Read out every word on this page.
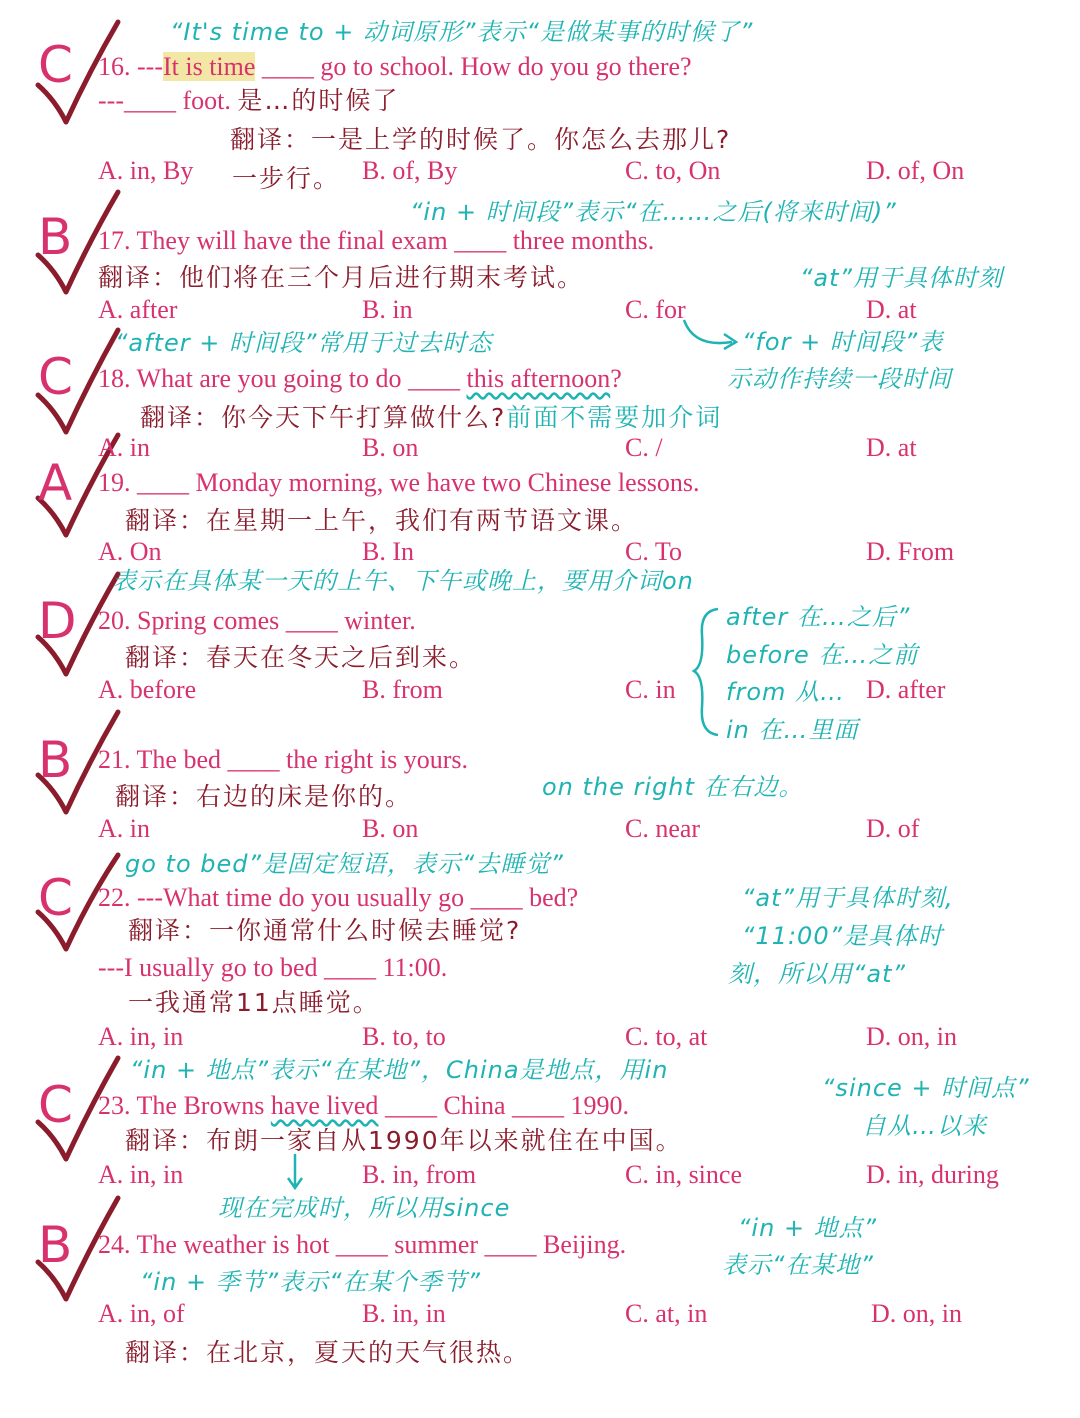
C
B
C
A
D
B
C
C
B
“It's time to + 动词原形”表示“是做某事的时候了”
16. ---It is time ____ go to school. How do you go there?
---____ foot. 是…的时候了
翻译：一是上学的时候了。你怎么去那儿?
A. in, By 一步行。 B. of, By	C. to, On	D. of, On
“in + 时间段”表示“在……之后(将来时间)”
17. They will have the final exam ____ three months.
翻译：他们将在三个月后进行期末考试。	“at”用于具体时刻
A. after	B. in	C. for	D. at
“after + 时间段”常用于过去时态	“for + 时间段”表
18. What are you going to do ____ this afternoon?	示动作持续一段时间
翻译：你今天下午打算做什么?前面不需要加介词
A. in	B. on	C. /	D. at
19. ____ Monday morning, we have two Chinese lessons.
翻译：在星期一上午，我们有两节语文课。
A. On	B. In	C. To	D. From
表示在具体某一天的上午、下午或晚上，要用介词on
20. Spring comes ____ winter.
翻译：春天在冬天之后到来。
A. before	B. from	C. in	D. after
after 在…之后”
before 在…之前
from 从…
in 在…里面
21. The bed ____ the right is yours.
翻译：右边的床是你的。	on the right 在右边。
A. in	B. on	C. near	D. of
go to bed”是固定短语，表示“去睡觉”
22. ---What time do you usually go ____ bed?	“at”用于具体时刻,
翻译：一你通常什么时候去睡觉?	“11:00”是具体时
---I usually go to bed ____ 11:00.	刻，所以用“at”
一我通常11点睡觉。
A. in, in	B. to, to	C. to, at	D. on, in
“in + 地点”表示“在某地”，China是地点，用in
“since + 时间点”
23. The Browns have lived ____ China ____ 1990.
自从…以来
翻译：布朗一家自从1990年以来就住在中国。
A. in, in	B. in, from	C. in, since	D. in, during
现在完成时，所以用since
“in + 地点”
24. The weather is hot ____ summer ____ Beijing.
表示“在某地”
“in + 季节”表示“在某个季节”
A. in, of	B. in, in	C. at, in	D. on, in
翻译：在北京，夏天的天气很热。
